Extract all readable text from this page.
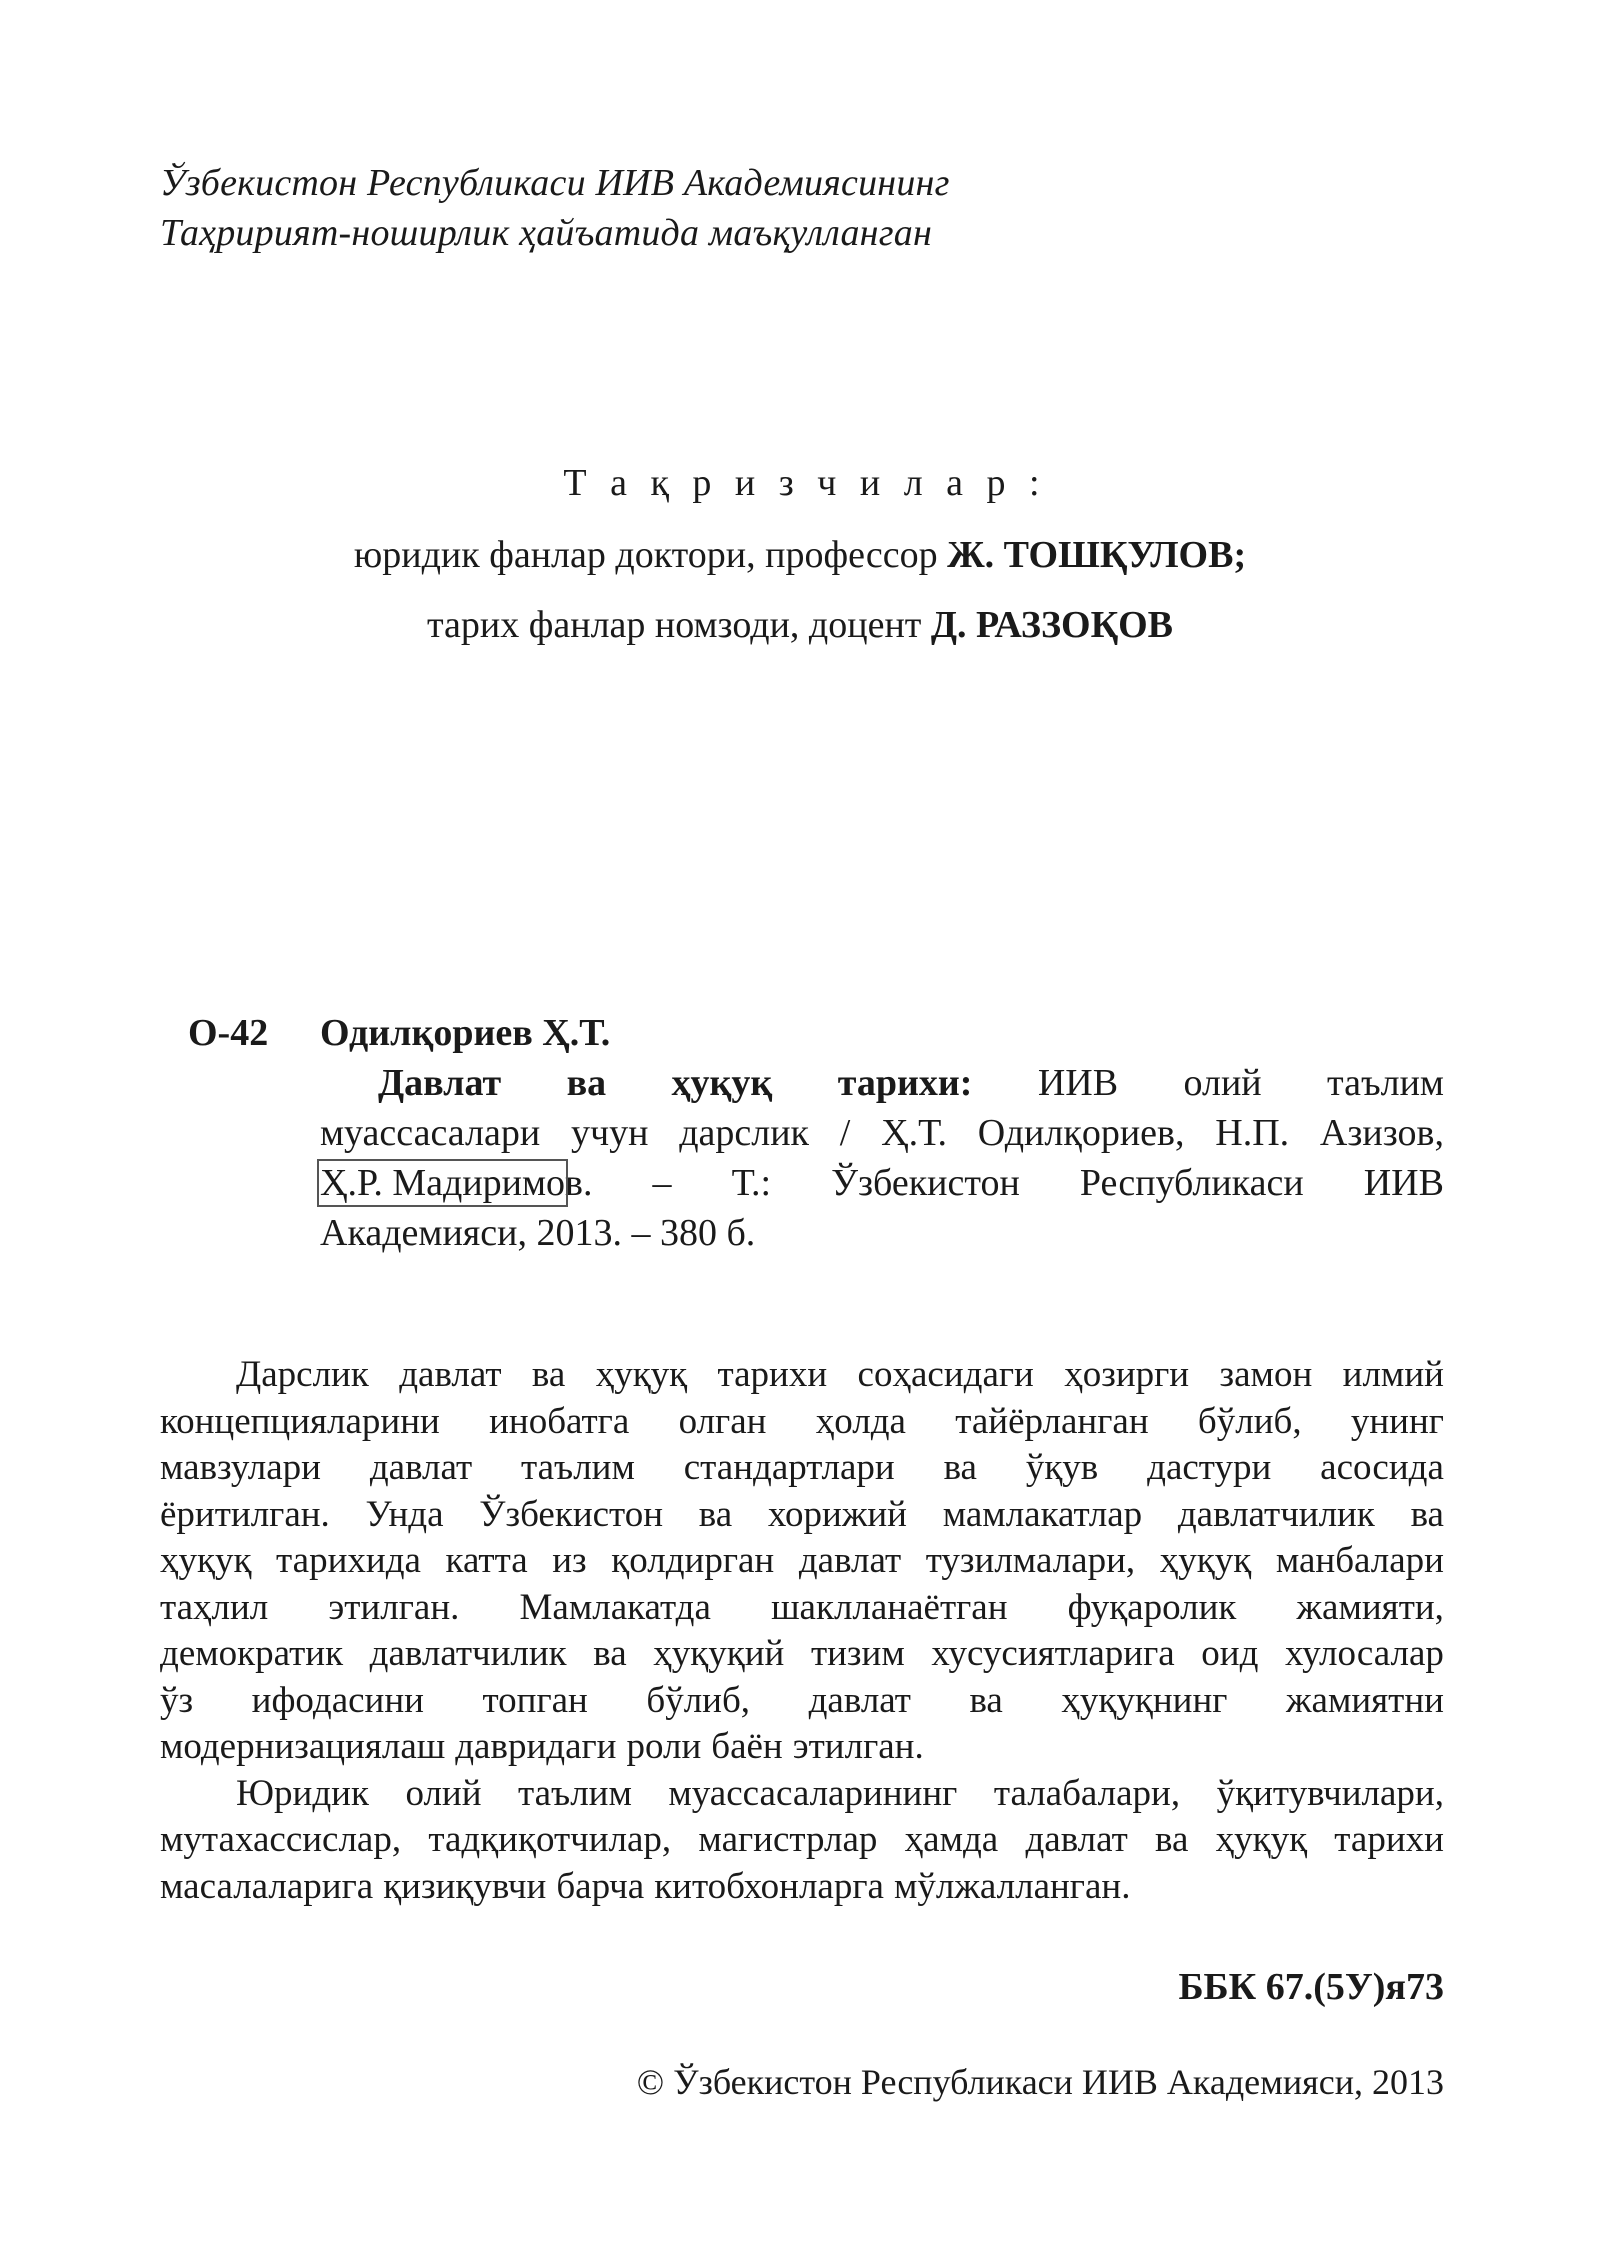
Ўзбекистон Республикаси ИИВ Академиясининг
Таҳририят-ноширлик ҳайъатида маъқулланган
Т а қ р и з ч и л а р :
юридик фанлар доктори, профессор Ж. ТОШҚУЛОВ;
тарих фанлар номзоди, доцент Д. РАЗЗОҚОВ
О-42 Одилқориев Ҳ.Т.
Давлат ва ҳуқуқ тарихи: ИИВ олий таълим
муассасалари учун дарслик / Ҳ.Т. Одилқориев, Н.П. Азизов,
Ҳ.Р. Мадиримов. – Т.: Ўзбекистон Республикаси ИИВ
Академияси, 2013. – 380 б.
Дарслик давлат ва ҳуқуқ тарихи соҳасидаги ҳозирги замон илмий
концепцияларини инобатга олган ҳолда тайёрланган бўлиб, унинг
мавзулари давлат таълим стандартлари ва ўқув дастури асосида
ёритилган. Унда Ўзбекистон ва хорижий мамлакатлар давлатчилик ва
ҳуқуқ тарихида катта из қолдирган давлат тузилмалари, ҳуқуқ манбалари
таҳлил этилган. Мамлакатда шаклланаётган фуқаролик жамияти,
демократик давлатчилик ва ҳуқуқий тизим хусусиятларига оид хулосалар
ўз ифодасини топган бўлиб, давлат ва ҳуқуқнинг жамиятни
модернизациялаш давридаги роли баён этилган.
Юридик олий таълим муассасаларининг талабалари, ўқитувчилари,
мутахассислар, тадқиқотчилар, магистрлар ҳамда давлат ва ҳуқуқ тарихи
масалаларига қизиқувчи барча китобхонларга мўлжалланган.
ББК 67.(5У)я73
© Ўзбекистон Республикаси ИИВ Академияси, 2013
